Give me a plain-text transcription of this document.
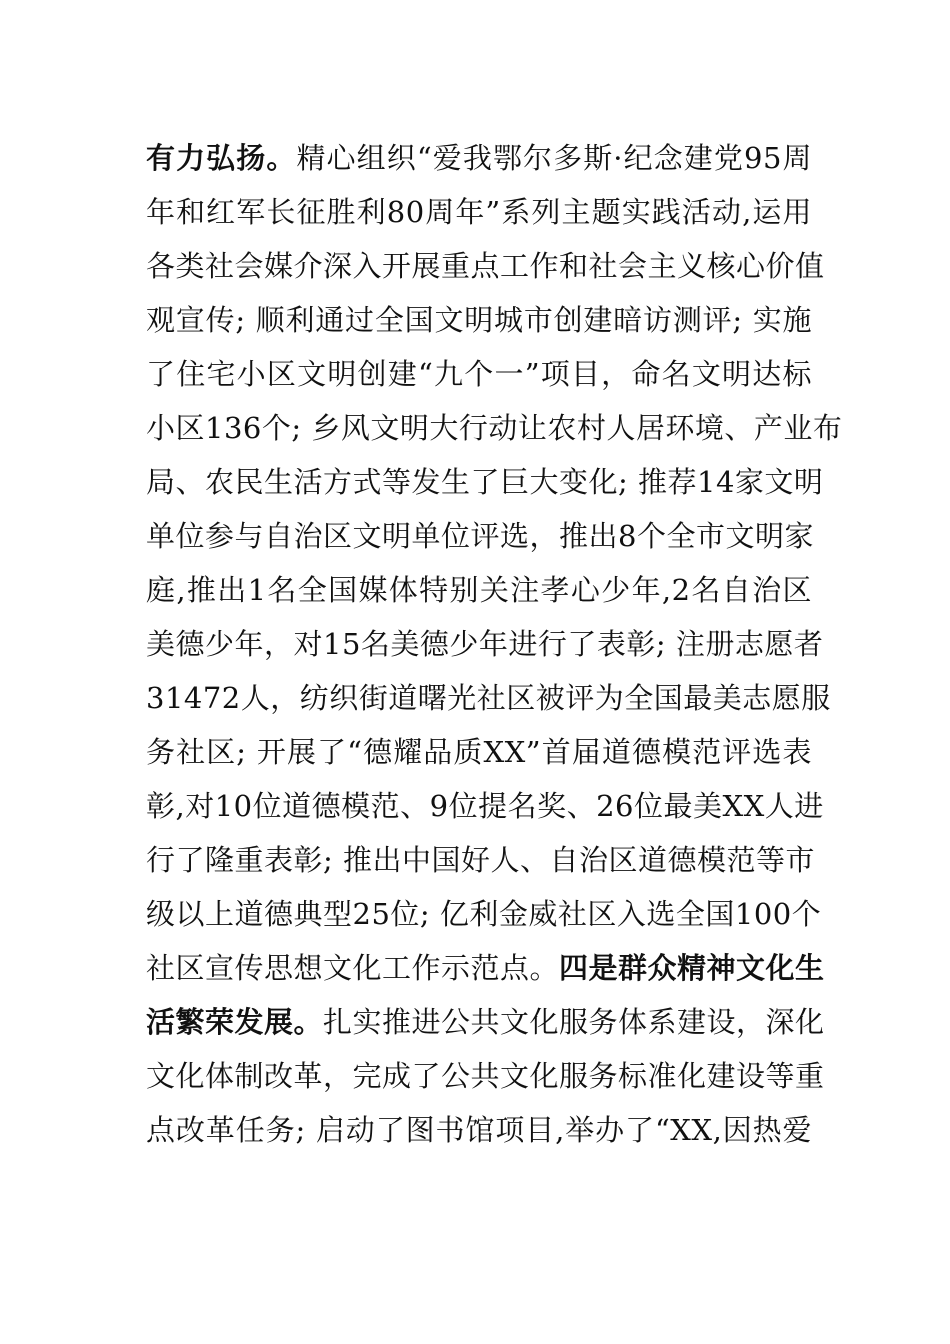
有力弘扬。精心组织“爱我鄂尔多斯·纪念建党95周
年和红军长征胜利80周年”系列主题实践活动,运用
各类社会媒介深入开展重点工作和社会主义核心价值
观宣传; 顺利通过全国文明城市创建暗访测评; 实施
了住宅小区文明创建“九个一”项目，命名文明达标
小区136个; 乡风文明大行动让农村人居环境、产业布
局、农民生活方式等发生了巨大变化; 推荐14家文明
单位参与自治区文明单位评选，推出8个全市文明家
庭,推出1名全国媒体特别关注孝心少年,2名自治区
美德少年，对15名美德少年进行了表彰; 注册志愿者
31472人，纺织街道曙光社区被评为全国最美志愿服
务社区; 开展了“德耀品质XX”首届道德模范评选表
彰,对10位道德模范、9位提名奖、26位最美XX人进
行了隆重表彰; 推出中国好人、自治区道德模范等市
级以上道德典型25位; 亿利金威社区入选全国100个
社区宣传思想文化工作示范点。四是群众精神文化生
活繁荣发展。扎实推进公共文化服务体系建设，深化
文化体制改革，完成了公共文化服务标准化建设等重
点改革任务; 启动了图书馆项目,举办了“XX,因热爱
